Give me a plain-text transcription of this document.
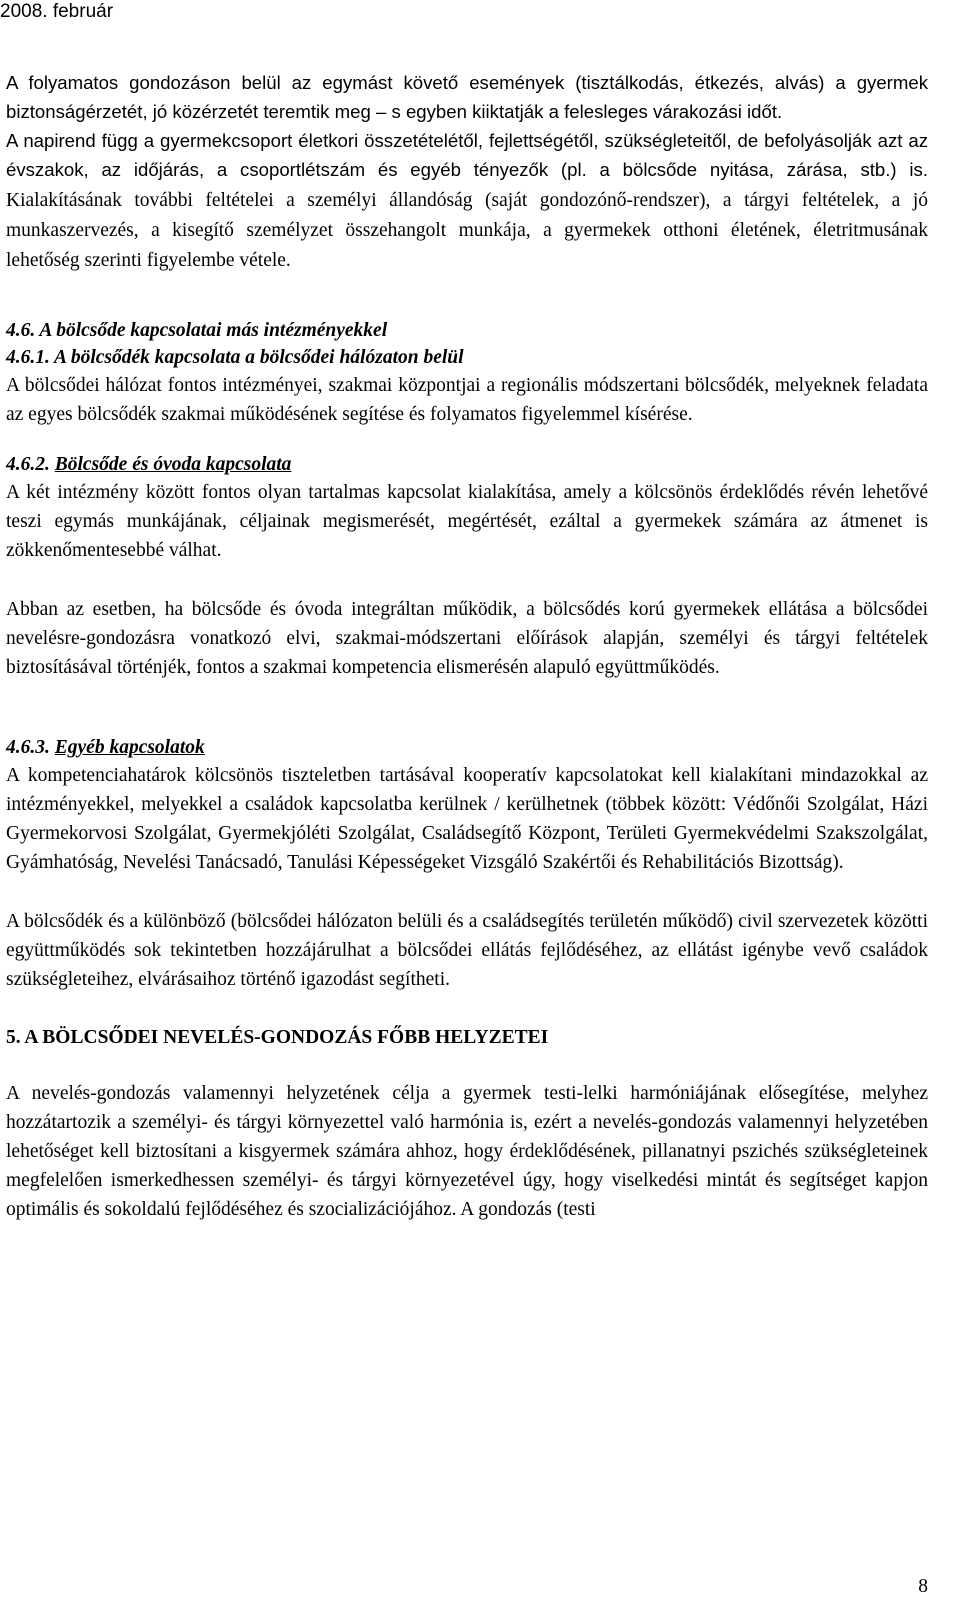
2008. február

A folyamatos gondozáson belül az egymást követő események (tisztálkodás, étkezés, alvás) a gyermek biztonságérzetét, jó közérzetét teremtik meg – s egyben kiiktatják a felesleges várakozási időt.

A napirend függ a gyermekcsoport életkori összetételétől, fejlettségétől, szükségleteitől, de befolyásolják azt az évszakok, az időjárás, a csoportlétszám és egyéb tényezők (pl. a bölcsőde nyitása, zárása, stb.) is. Kialakításának további feltételei a személyi állandóság (saját gondozónő-rendszer), a tárgyi feltételek, a jó munkaszervezés, a kisegítő személyzet összehangolt munkája, a gyermekek otthoni életének, életritmusának lehetőség szerinti figyelembe vétele.

4.6. A bölcsőde kapcsolatai más intézményekkel
4.6.1. A bölcsődék kapcsolata a bölcsődei hálózaton belül

A bölcsődei hálózat fontos intézményei, szakmai központjai a regionális módszertani bölcsődék, melyeknek feladata az egyes bölcsődék szakmai működésének segítése és folyamatos figyelemmel kísérése.

4.6.2. Bölcsőde és óvoda kapcsolata

A két intézmény között fontos olyan tartalmas kapcsolat kialakítása, amely a kölcsönös érdeklődés révén lehetővé teszi egymás munkájának, céljainak megismerését, megértését, ezáltal a gyermekek számára az átmenet is zökkenőmentesebbé válhat.

Abban az esetben, ha bölcsőde és óvoda integráltan működik, a bölcsődés korú gyermekek ellátása a bölcsődei nevelésre-gondozásra vonatkozó elvi, szakmai-módszertani előírások alapján, személyi és tárgyi feltételek biztosításával történjék, fontos a szakmai kompetencia elismerésén alapuló együttműködés.

4.6.3. Egyéb kapcsolatok

A kompetenciahatárok kölcsönös tiszteletben tartásával kooperatív kapcsolatokat kell kialakítani mindazokkal az intézményekkel, melyekkel a családok kapcsolatba kerülnek / kerülhetnek (többek között: Védőnői Szolgálat, Házi Gyermekorvosi Szolgálat, Gyermekjóléti Szolgálat, Családsegítő Központ, Területi Gyermekvédelmi Szakszolgálat, Gyámhatóság, Nevelési Tanácsadó, Tanulási Képességeket Vizsgáló Szakértői és Rehabilitációs Bizottság).

A bölcsődék és a különböző (bölcsődei hálózaton belüli és a családsegítés területén működő) civil szervezetek közötti együttműködés sok tekintetben hozzájárulhat a bölcsődei ellátás fejlődéséhez, az ellátást igénybe vevő családok szükségleteihez, elvárásaihoz történő igazodást segítheti.

5. A BÖLCSŐDEI NEVELÉS-GONDOZÁS FŐBB HELYZETEI

A nevelés-gondozás valamennyi helyzetének célja a gyermek testi-lelki harmóniájának elősegítése, melyhez hozzátartozik a személyi- és tárgyi környezettel való harmónia is, ezért a nevelés-gondozás valamennyi helyzetében lehetőséget kell biztosítani a kisgyermek számára ahhoz, hogy érdeklődésének, pillanatnyi pszichés szükségleteinek megfelelően ismerkedhessen személyi- és tárgyi környezetével úgy, hogy viselkedési mintát és segítséget kapjon optimális és sokoldalú fejlődéséhez és szocializációjához. A gondozás (testi

8
